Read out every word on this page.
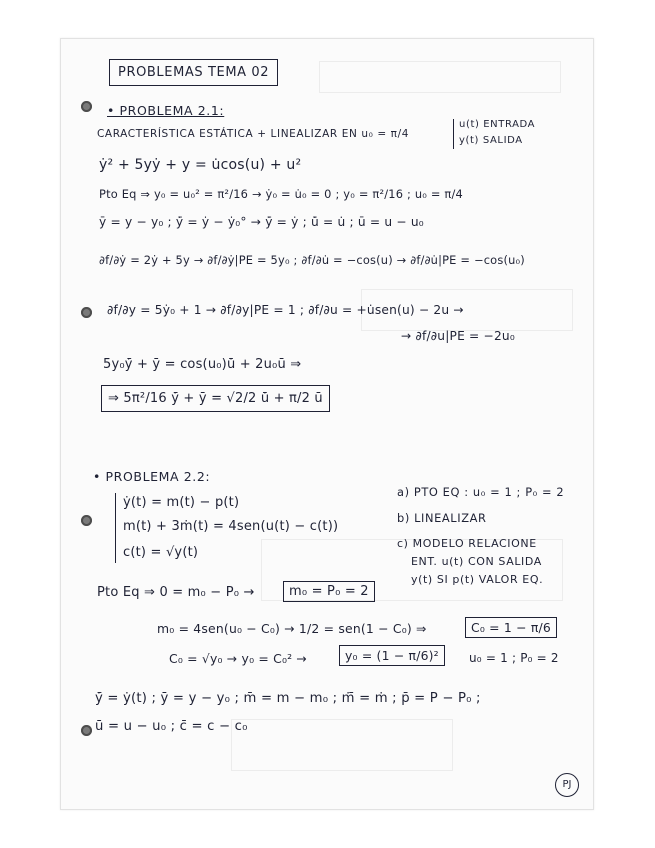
PROBLEMAS TEMA 02
• PROBLEMA 2.1:
CARACTERÍSTICA ESTÁTICA + LINEALIZAR EN u₀ = π/4
u(t) ENTRADA
y(t) SALIDA
ẏ² + 5yẏ + y = u̇cos(u) + u²
Pto Eq ⇒ y₀ = u₀² = π²/16 → ẏ₀ = u̇₀ = 0 ; y₀ = π²/16 ; u₀ = π/4
ȳ = y − y₀ ; ẏ̄ = ẏ − ẏ₀° → ẏ̄ = ẏ ; u̇̄ = u̇ ; ū = u − u₀
∂f/∂ẏ = 2ẏ + 5y → ∂f/∂ẏ|PE = 5y₀ ; ∂f/∂u̇ = −cos(u) → ∂f/∂u̇|PE = −cos(u₀)
∂f/∂y = 5ẏ₀ + 1 → ∂f/∂y|PE = 1 ; ∂f/∂u = +u̇sen(u) − 2u →
→ ∂f/∂u|PE = −2u₀
5y₀ẏ̄ + ȳ = cos(u₀)u̇̄ + 2u₀ū ⇒
⇒ 5π²/16 ẏ̄ + ȳ = √2/2 u̇̄ + π/2 ū
• PROBLEMA 2.2:
ẏ(t) = m(t) − p(t)
m(t) + 3ṁ(t) = 4sen(u(t) − c(t))
c(t) = √y(t)
a) PTO EQ : u₀ = 1 ; P₀ = 2
b) LINEALIZAR
c) MODELO RELACIONE
ENT. u(t) CON SALIDA
y(t) SI p(t) VALOR EQ.
Pto Eq ⇒ 0 = m₀ − P₀ →	m₀ = P₀ = 2
m₀ = 4sen(u₀ − C₀) → 1/2 = sen(1 − C₀) ⇒	C₀ = 1 − π/6
C₀ = √y₀ → y₀ = C₀² →	y₀ = (1 − π/6)²	u₀ = 1 ; P₀ = 2
ẏ̄ = ẏ(t) ; ȳ = y − y₀ ; m̄ = m − m₀ ; ṁ̄ = ṁ ; p̄ = P − P₀ ;
ū = u − u₀ ; c̄ = c − c₀
PJ
